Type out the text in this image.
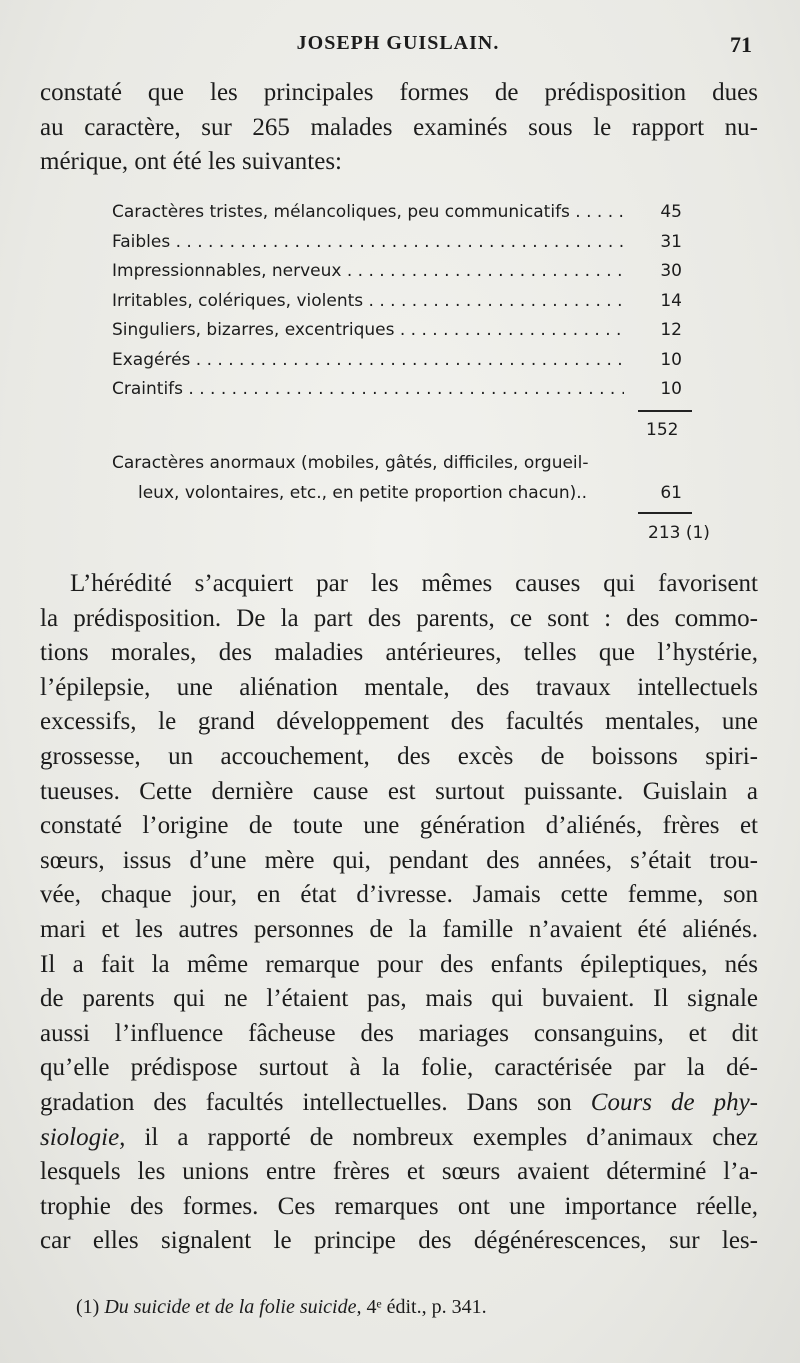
JOSEPH GUISLAIN.	71

constaté que les principales formes de prédisposition dues
au caractère, sur 265 malades examinés sous le rapport nu-
mérique, ont été les suivantes:

Caractères tristes, mélancoliques, peu communicatifs . . .	45
Faibles . . .	31
Impressionnables, nerveux . . .	30
Irritables, colériques, violents . . .	14
Singuliers, bizarres, excentriques . . .	12
Exagérés . . .	10
Craintifs . . .	10
152
Caractères anormaux (mobiles, gâtés, difficiles, orgueil-
leux, volontaires, etc., en petite proportion chacun)..	61
213 (1)

L’hérédité s’acquiert par les mêmes causes qui favorisent
la prédisposition. De la part des parents, ce sont : des commo-
tions morales, des maladies antérieures, telles que l’hystérie,
l’épilepsie, une aliénation mentale, des travaux intellectuels
excessifs, le grand développement des facultés mentales, une
grossesse, un accouchement, des excès de boissons spiri-
tueuses. Cette dernière cause est surtout puissante. Guislain a
constaté l’origine de toute une génération d’aliénés, frères et
sœurs, issus d’une mère qui, pendant des années, s’était trou-
vée, chaque jour, en état d’ivresse. Jamais cette femme, son
mari et les autres personnes de la famille n’avaient été aliénés.
Il a fait la même remarque pour des enfants épileptiques, nés
de parents qui ne l’étaient pas, mais qui buvaient. Il signale
aussi l’influence fâcheuse des mariages consanguins, et dit
qu’elle prédispose surtout à la folie, caractérisée par la dé-
gradation des facultés intellectuelles. Dans son Cours de phy-
siologie, il a rapporté de nombreux exemples d’animaux chez
lesquels les unions entre frères et sœurs avaient déterminé l’a-
trophie des formes. Ces remarques ont une importance réelle,
car elles signalent le principe des dégénérescences, sur les-

(1) Du suicide et de la folie suicide, 4ᵉ édit., p. 341.
